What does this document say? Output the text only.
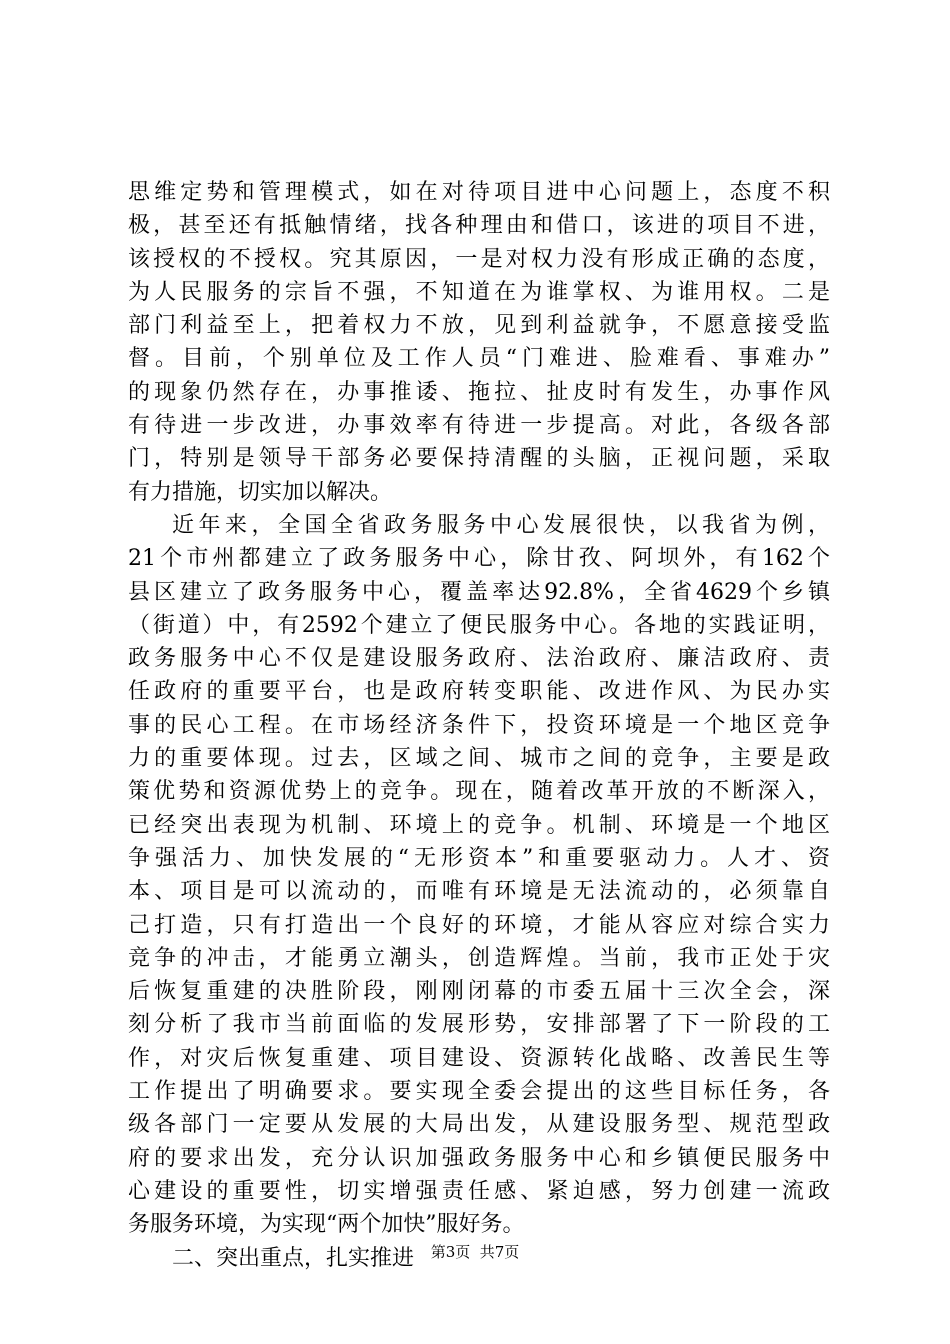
思维定势和管理模式，如在对待项目进中心问题上，态度不积
极，甚至还有抵触情绪，找各种理由和借口，该进的项目不进，
该授权的不授权。究其原因，一是对权力没有形成正确的态度，
为人民服务的宗旨不强，不知道在为谁掌权、为谁用权。二是
部门利益至上，把着权力不放，见到利益就争，不愿意接受监
督。目前，个别单位及工作人员“门难进、脸难看、事难办”
的现象仍然存在，办事推诿、拖拉、扯皮时有发生，办事作风
有待进一步改进，办事效率有待进一步提高。对此，各级各部
门，特别是领导干部务必要保持清醒的头脑，正视问题，采取
有力措施，切实加以解决。
近年来，全国全省政务服务中心发展很快，以我省为例，
21个市州都建立了政务服务中心，除甘孜、阿坝外，有162个
县区建立了政务服务中心，覆盖率达92.8%，全省4629个乡镇
（街道）中，有2592个建立了便民服务中心。各地的实践证明，
政务服务中心不仅是建设服务政府、法治政府、廉洁政府、责
任政府的重要平台，也是政府转变职能、改进作风、为民办实
事的民心工程。在市场经济条件下，投资环境是一个地区竞争
力的重要体现。过去，区域之间、城市之间的竞争，主要是政
策优势和资源优势上的竞争。现在，随着改革开放的不断深入，
已经突出表现为机制、环境上的竞争。机制、环境是一个地区
争强活力、加快发展的“无形资本”和重要驱动力。人才、资
本、项目是可以流动的，而唯有环境是无法流动的，必须靠自
己打造，只有打造出一个良好的环境，才能从容应对综合实力
竞争的冲击，才能勇立潮头，创造辉煌。当前，我市正处于灾
后恢复重建的决胜阶段，刚刚闭幕的市委五届十三次全会，深
刻分析了我市当前面临的发展形势，安排部署了下一阶段的工
作，对灾后恢复重建、项目建设、资源转化战略、改善民生等
工作提出了明确要求。要实现全委会提出的这些目标任务，各
级各部门一定要从发展的大局出发，从建设服务型、规范型政
府的要求出发，充分认识加强政务服务中心和乡镇便民服务中
心建设的重要性，切实增强责任感、紧迫感，努力创建一流政
务服务环境，为实现“两个加快”服好务。
二、突出重点，扎实推进	第3页  共7页
